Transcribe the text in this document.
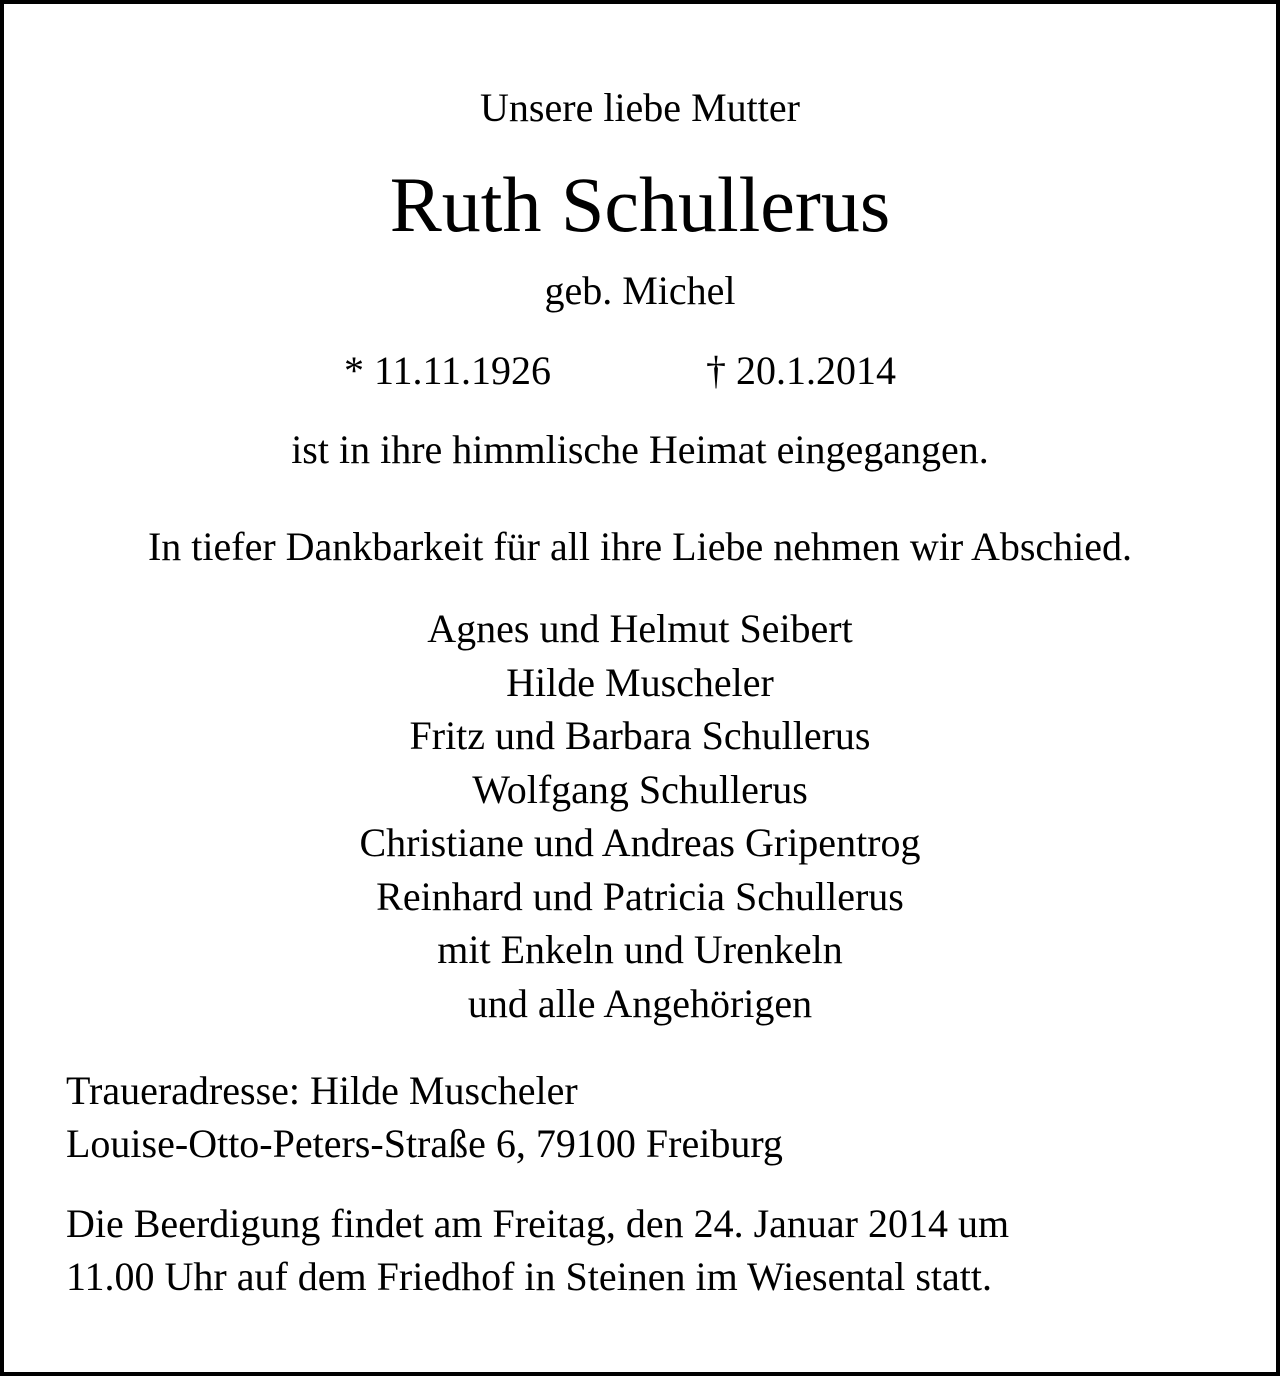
Unsere liebe Mutter

Ruth Schullerus

geb. Michel

* 11.11.1926	† 20.1.2014

ist in ihre himmlische Heimat eingegangen.

In tiefer Dankbarkeit für all ihre Liebe nehmen wir Abschied.

Agnes und Helmut Seibert
Hilde Muscheler
Fritz und Barbara Schullerus
Wolfgang Schullerus
Christiane und Andreas Gripentrog
Reinhard und Patricia Schullerus
mit Enkeln und Urenkeln
und alle Angehörigen

Traueradresse: Hilde Muscheler

Louise-Otto-Peters-Straße 6, 79100 Freiburg

Die Beerdigung findet am Freitag, den 24. Januar 2014 um

11.00 Uhr auf dem Friedhof in Steinen im Wiesental statt.
